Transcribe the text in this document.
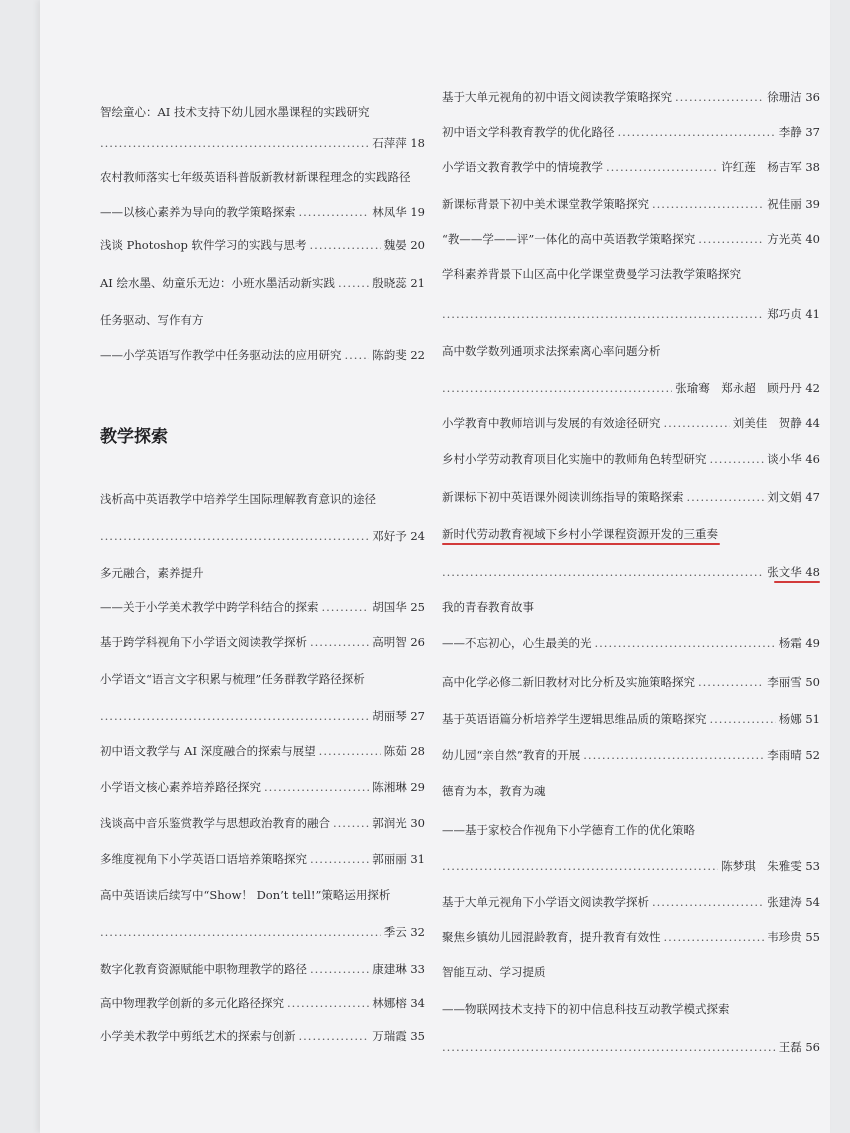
智绘童心：AI 技术支持下幼儿园水墨课程的实践研究
.....
石萍萍 18
农村教师落实七年级英语科普版新教材新课程理念的实践路径
——以核心素养为导向的教学策略探索 .....	林凤华 19
浅谈 Photoshop 软件学习的实践与思考 .....	魏晏 20
AI 绘水墨、幼童乐无边：小班水墨活动新实践 .....	殷晓蕊 21
任务驱动、写作有方
——小学英语写作教学中任务驱动法的应用研究 .....	陈韵斐 22
教学探索
浅析高中英语教学中培养学生国际理解教育意识的途径
.....
邓好予 24
多元融合，素养提升
——关于小学美术教学中跨学科结合的探索 .....	胡国华 25
基于跨学科视角下小学语文阅读教学探析 .....	高明智 26
小学语文“语言文字积累与梳理”任务群教学路径探析
.....
胡丽琴 27
初中语文教学与 AI 深度融合的探索与展望 .....	陈茹 28
小学语文核心素养培养路径探究 .....	陈湘琳 29
浅谈高中音乐鉴赏教学与思想政治教育的融合 .....	郭润光 30
多维度视角下小学英语口语培养策略探究 .....	郭丽丽 31
高中英语读后续写中“Show！ Don’t tell!”策略运用探析
.....
季云 32
数字化教育资源赋能中职物理教学的路径 .....	康建琳 33
高中物理教学创新的多元化路径探究 .....	林娜榕 34
小学美术教学中剪纸艺术的探索与创新 .....	万瑞霞 35
基于大单元视角的初中语文阅读教学策略探究 .....	徐珊洁 36
初中语文学科教育教学的优化路径 .....	李静 37
小学语文教育教学中的情境教学 .....	许红莲　杨吉军 38
新课标背景下初中美术课堂教学策略探究 .....	祝佳丽 39
“教——学——评”一体化的高中英语教学策略探究 .....	方光英 40
学科素养背景下山区高中化学课堂费曼学习法教学策略探究
.....
郑巧贞 41
高中数学数列通项求法探索离心率问题分析
.....
张瑜骞　郑永超　顾丹丹 42
小学教育中教师培训与发展的有效途径研究 .....	刘美佳　贺静 44
乡村小学劳动教育项目化实施中的教师角色转型研究 .....	谈小华 46
新课标下初中英语课外阅读训练指导的策略探索 .....	刘文娟 47
新时代劳动教育视域下乡村小学课程资源开发的三重奏
.....
张文华 48
我的青春教育故事
——不忘初心，心生最美的光 .....	杨霜 49
高中化学必修二新旧教材对比分析及实施策略探究 .....	李丽雪 50
基于英语语篇分析培养学生逻辑思维品质的策略探究 .....	杨娜 51
幼儿园“亲自然”教育的开展 .....	李雨晴 52
德育为本，教育为魂
——基于家校合作视角下小学德育工作的优化策略
.....
陈梦琪　朱雅雯 53
基于大单元视角下小学语文阅读教学探析 .....	张建涛 54
聚焦乡镇幼儿园混龄教育，提升教育有效性 .....	韦珍贵 55
智能互动、学习提质
——物联网技术支持下的初中信息科技互动教学模式探索
.....
王磊 56
